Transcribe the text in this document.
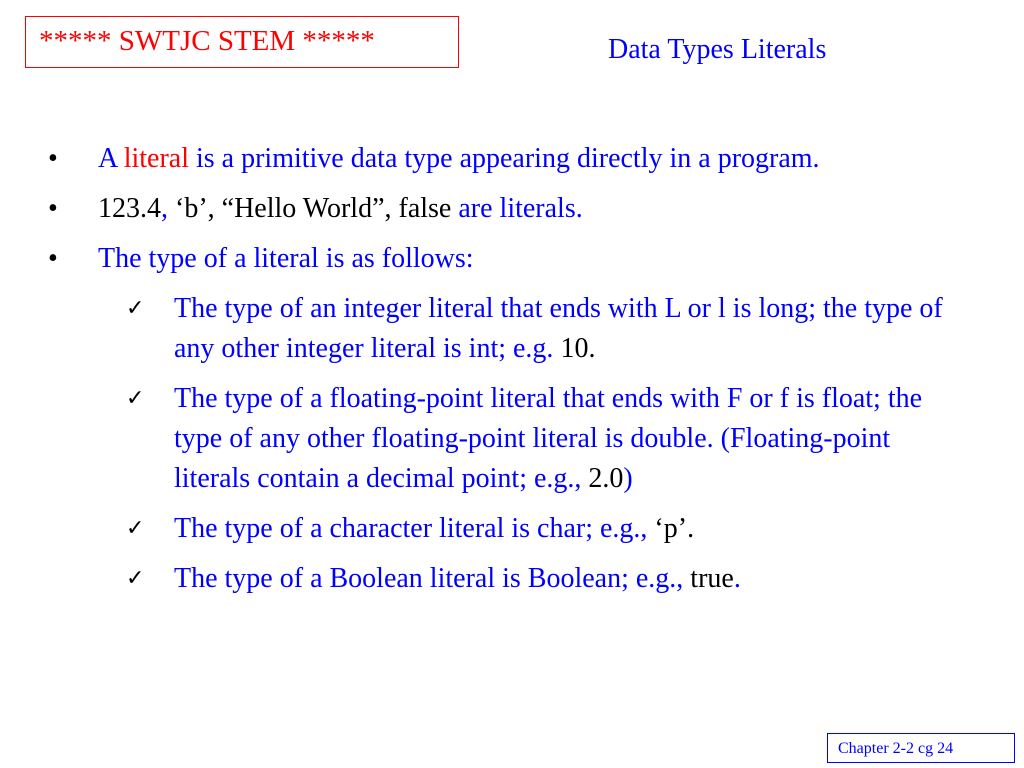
***** SWTJC STEM *****	Data Types Literals
• A literal is a primitive data type appearing directly in a program.
• 123.4, ‘b’, “Hello World”, false are literals.
• The type of a literal is as follows:
✓ The type of an integer literal that ends with L or l is long; the type of any other integer literal is int; e.g. 10.
✓ The type of a floating-point literal that ends with F or f is float; the type of any other floating-point literal is double. (Floating-point literals contain a decimal point; e.g., 2.0)
✓ The type of a character literal is char; e.g., ‘p’.
✓ The type of a Boolean literal is Boolean; e.g., true.
Chapter 2-2 cg 24
